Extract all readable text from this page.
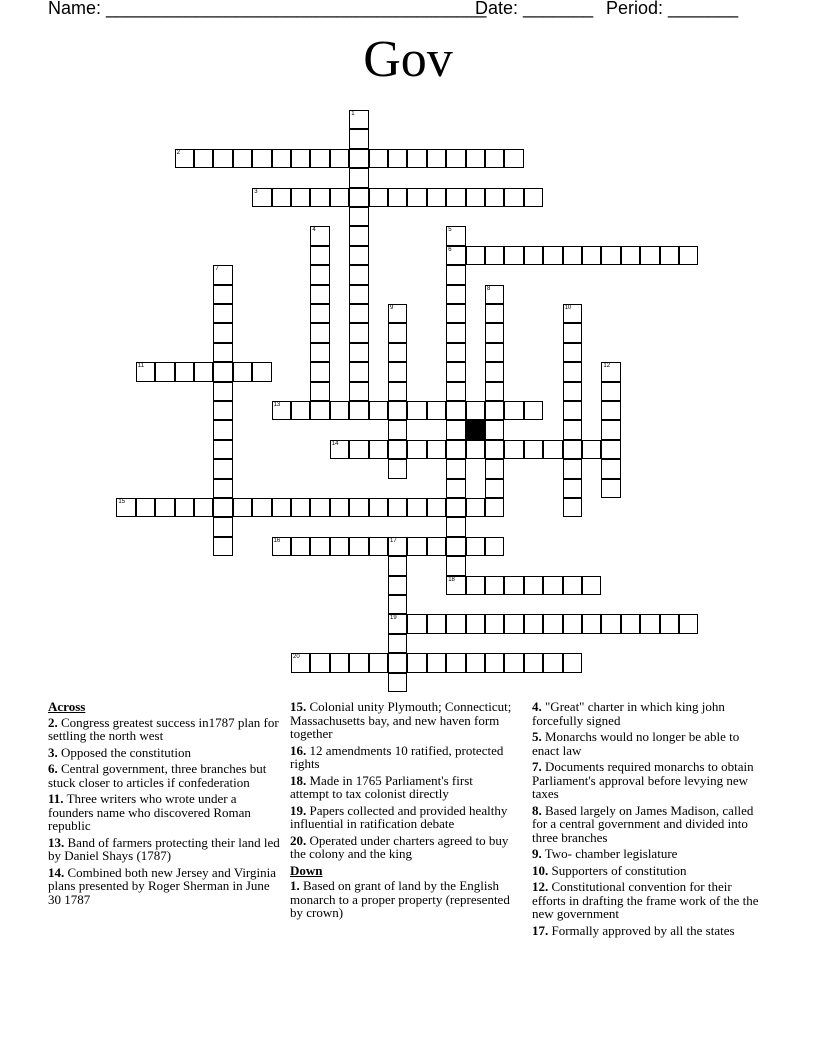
Name: ______________________________________
Date: _______ Period: _______
Gov
2
3
6
11
13
14
15
16	17
18
19
20
1
4	5
7
8
9	10
12
Across
2. Congress greatest success in1787 plan for settling the north west
3. Opposed the constitution
6. Central government, three branches but stuck closer to articles if confederation
11. Three writers who wrote under a founders name who discovered Roman republic
13. Band of farmers protecting their land led by Daniel Shays (1787)
14. Combined both new Jersey and Virginia plans presented by Roger Sherman in June 30 1787
15. Colonial unity Plymouth; Connecticut; Massachusetts bay, and new haven form together
16. 12 amendments 10 ratified, protected rights
18. Made in 1765 Parliament's first attempt to tax colonist directly
19. Papers collected and provided healthy influential in ratification debate
20. Operated under charters agreed to buy the colony and the king
Down
1. Based on grant of land by the English monarch to a proper property (represented by crown)
4. "Great" charter in which king john forcefully signed
5. Monarchs would no longer be able to enact law
7. Documents required monarchs to obtain Parliament's approval before levying new taxes
8. Based largely on James Madison, called for a central government and divided into three branches
9. Two- chamber legislature
10. Supporters of constitution
12. Constitutional convention for their efforts in drafting the frame work of the the new government
17. Formally approved by all the states
